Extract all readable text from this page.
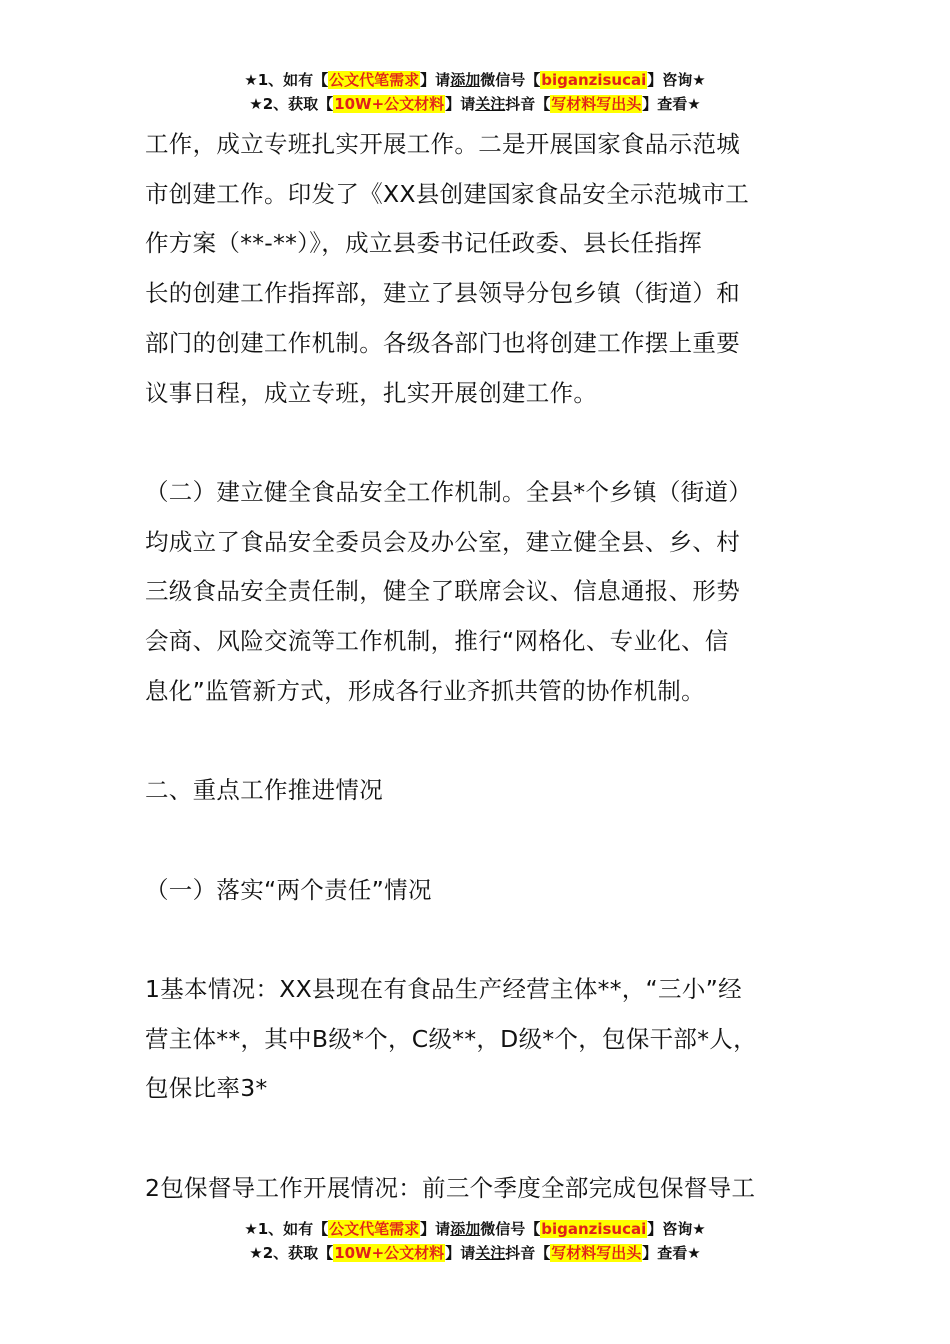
★1、如有【公文代笔需求】请添加微信号【biganzisucai】咨询★
★2、获取【10W+公文材料】请关注抖音【写材料写出头】查看★

工作，成立专班扎实开展工作。二是开展国家食品示范城

市创建工作。印发了《XX县创建国家食品安全示范城市工

作方案（**-**）》，成立县委书记任政委、县长任指挥

长的创建工作指挥部，建立了县领导分包乡镇（街道）和

部门的创建工作机制。各级各部门也将创建工作摆上重要

议事日程，成立专班，扎实开展创建工作。

（二）建立健全食品安全工作机制。全县*个乡镇（街道）

均成立了食品安全委员会及办公室，建立健全县、乡、村

三级食品安全责任制，健全了联席会议、信息通报、形势

会商、风险交流等工作机制，推行“网格化、专业化、信

息化”监管新方式，形成各行业齐抓共管的协作机制。

二、重点工作推进情况

（一）落实“两个责任”情况

1基本情况：XX县现在有食品生产经营主体**，“三小”经

营主体**，其中B级*个，C级**，D级*个，包保干部*人，

包保比率3*

2包保督导工作开展情况：前三个季度全部完成包保督导工

★1、如有【公文代笔需求】请添加微信号【biganzisucai】咨询★
★2、获取【10W+公文材料】请关注抖音【写材料写出头】查看★
